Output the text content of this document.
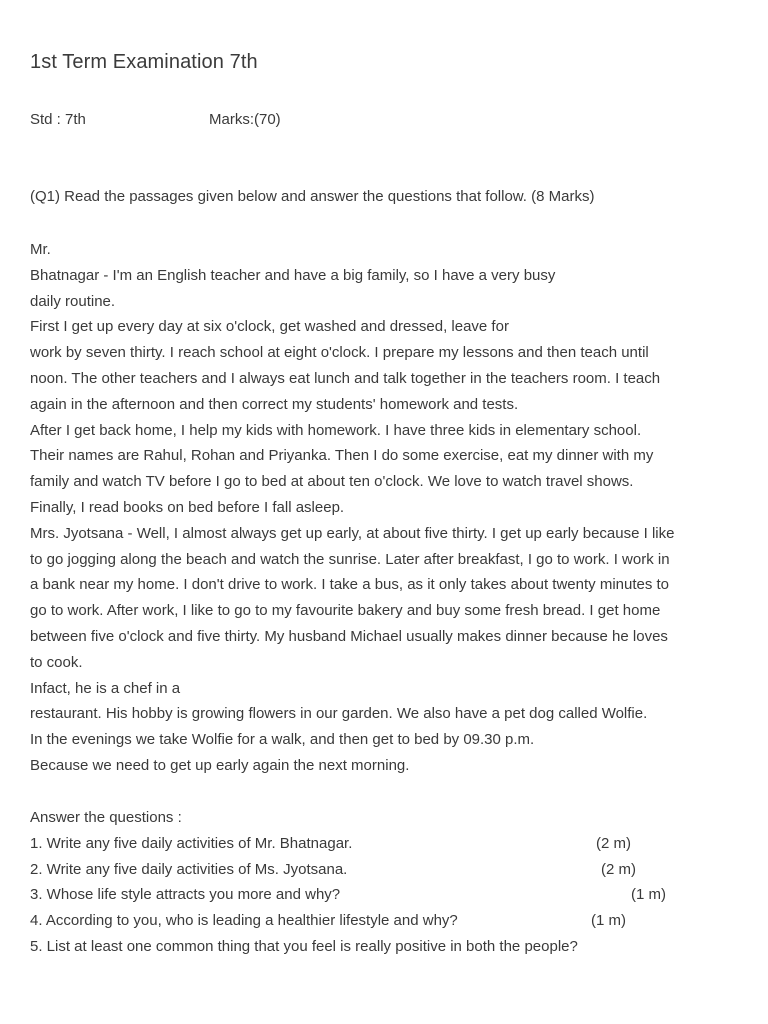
1st Term Examination 7th
Std : 7th	Marks:(70)
(Q1) Read the passages given below and answer the questions that follow. (8 Marks)
Mr.
Bhatnagar - I'm an English teacher and have a big family, so I have a very busy
daily routine.
First I get up every day at six o'clock, get washed and dressed, leave for
work by seven thirty. I reach school at eight o'clock. I prepare my lessons and then teach until
noon. The other teachers and I always eat lunch and talk together in the teachers room. I teach
again in the afternoon and then correct my students' homework and tests.
After I get back home, I help my kids with homework. I have three kids in elementary school.
Their names are Rahul, Rohan and Priyanka. Then I do some exercise, eat my dinner with my
family and watch TV before I go to bed at about ten o'clock. We love to watch travel shows.
Finally, I read books on bed before I fall asleep.
Mrs. Jyotsana - Well, I almost always get up early, at about five thirty. I get up early because I like
to go jogging along the beach and watch the sunrise. Later after breakfast, I go to work. I work in
a bank near my home. I don't drive to work. I take a bus, as it only takes about twenty minutes to
go to work. After work, I like to go to my favourite bakery and buy some fresh bread. I get home
between five o'clock and five thirty. My husband Michael usually makes dinner because he loves
to cook.
Infact, he is a chef in a
restaurant. His hobby is growing flowers in our garden. We also have a pet dog called Wolfie.
In the evenings we take Wolfie for a walk, and then get to bed by 09.30 p.m.
Because we need to get up early again the next morning.
Answer the questions :
1. Write any five daily activities of Mr. Bhatnagar.	(2 m)
2. Write any five daily activities of Ms. Jyotsana.	(2 m)
3. Whose life style attracts you more and why?	(1 m)
4. According to you, who is leading a healthier lifestyle and why?	(1 m)
5. List at least one common thing that you feel is really positive in both the people?
